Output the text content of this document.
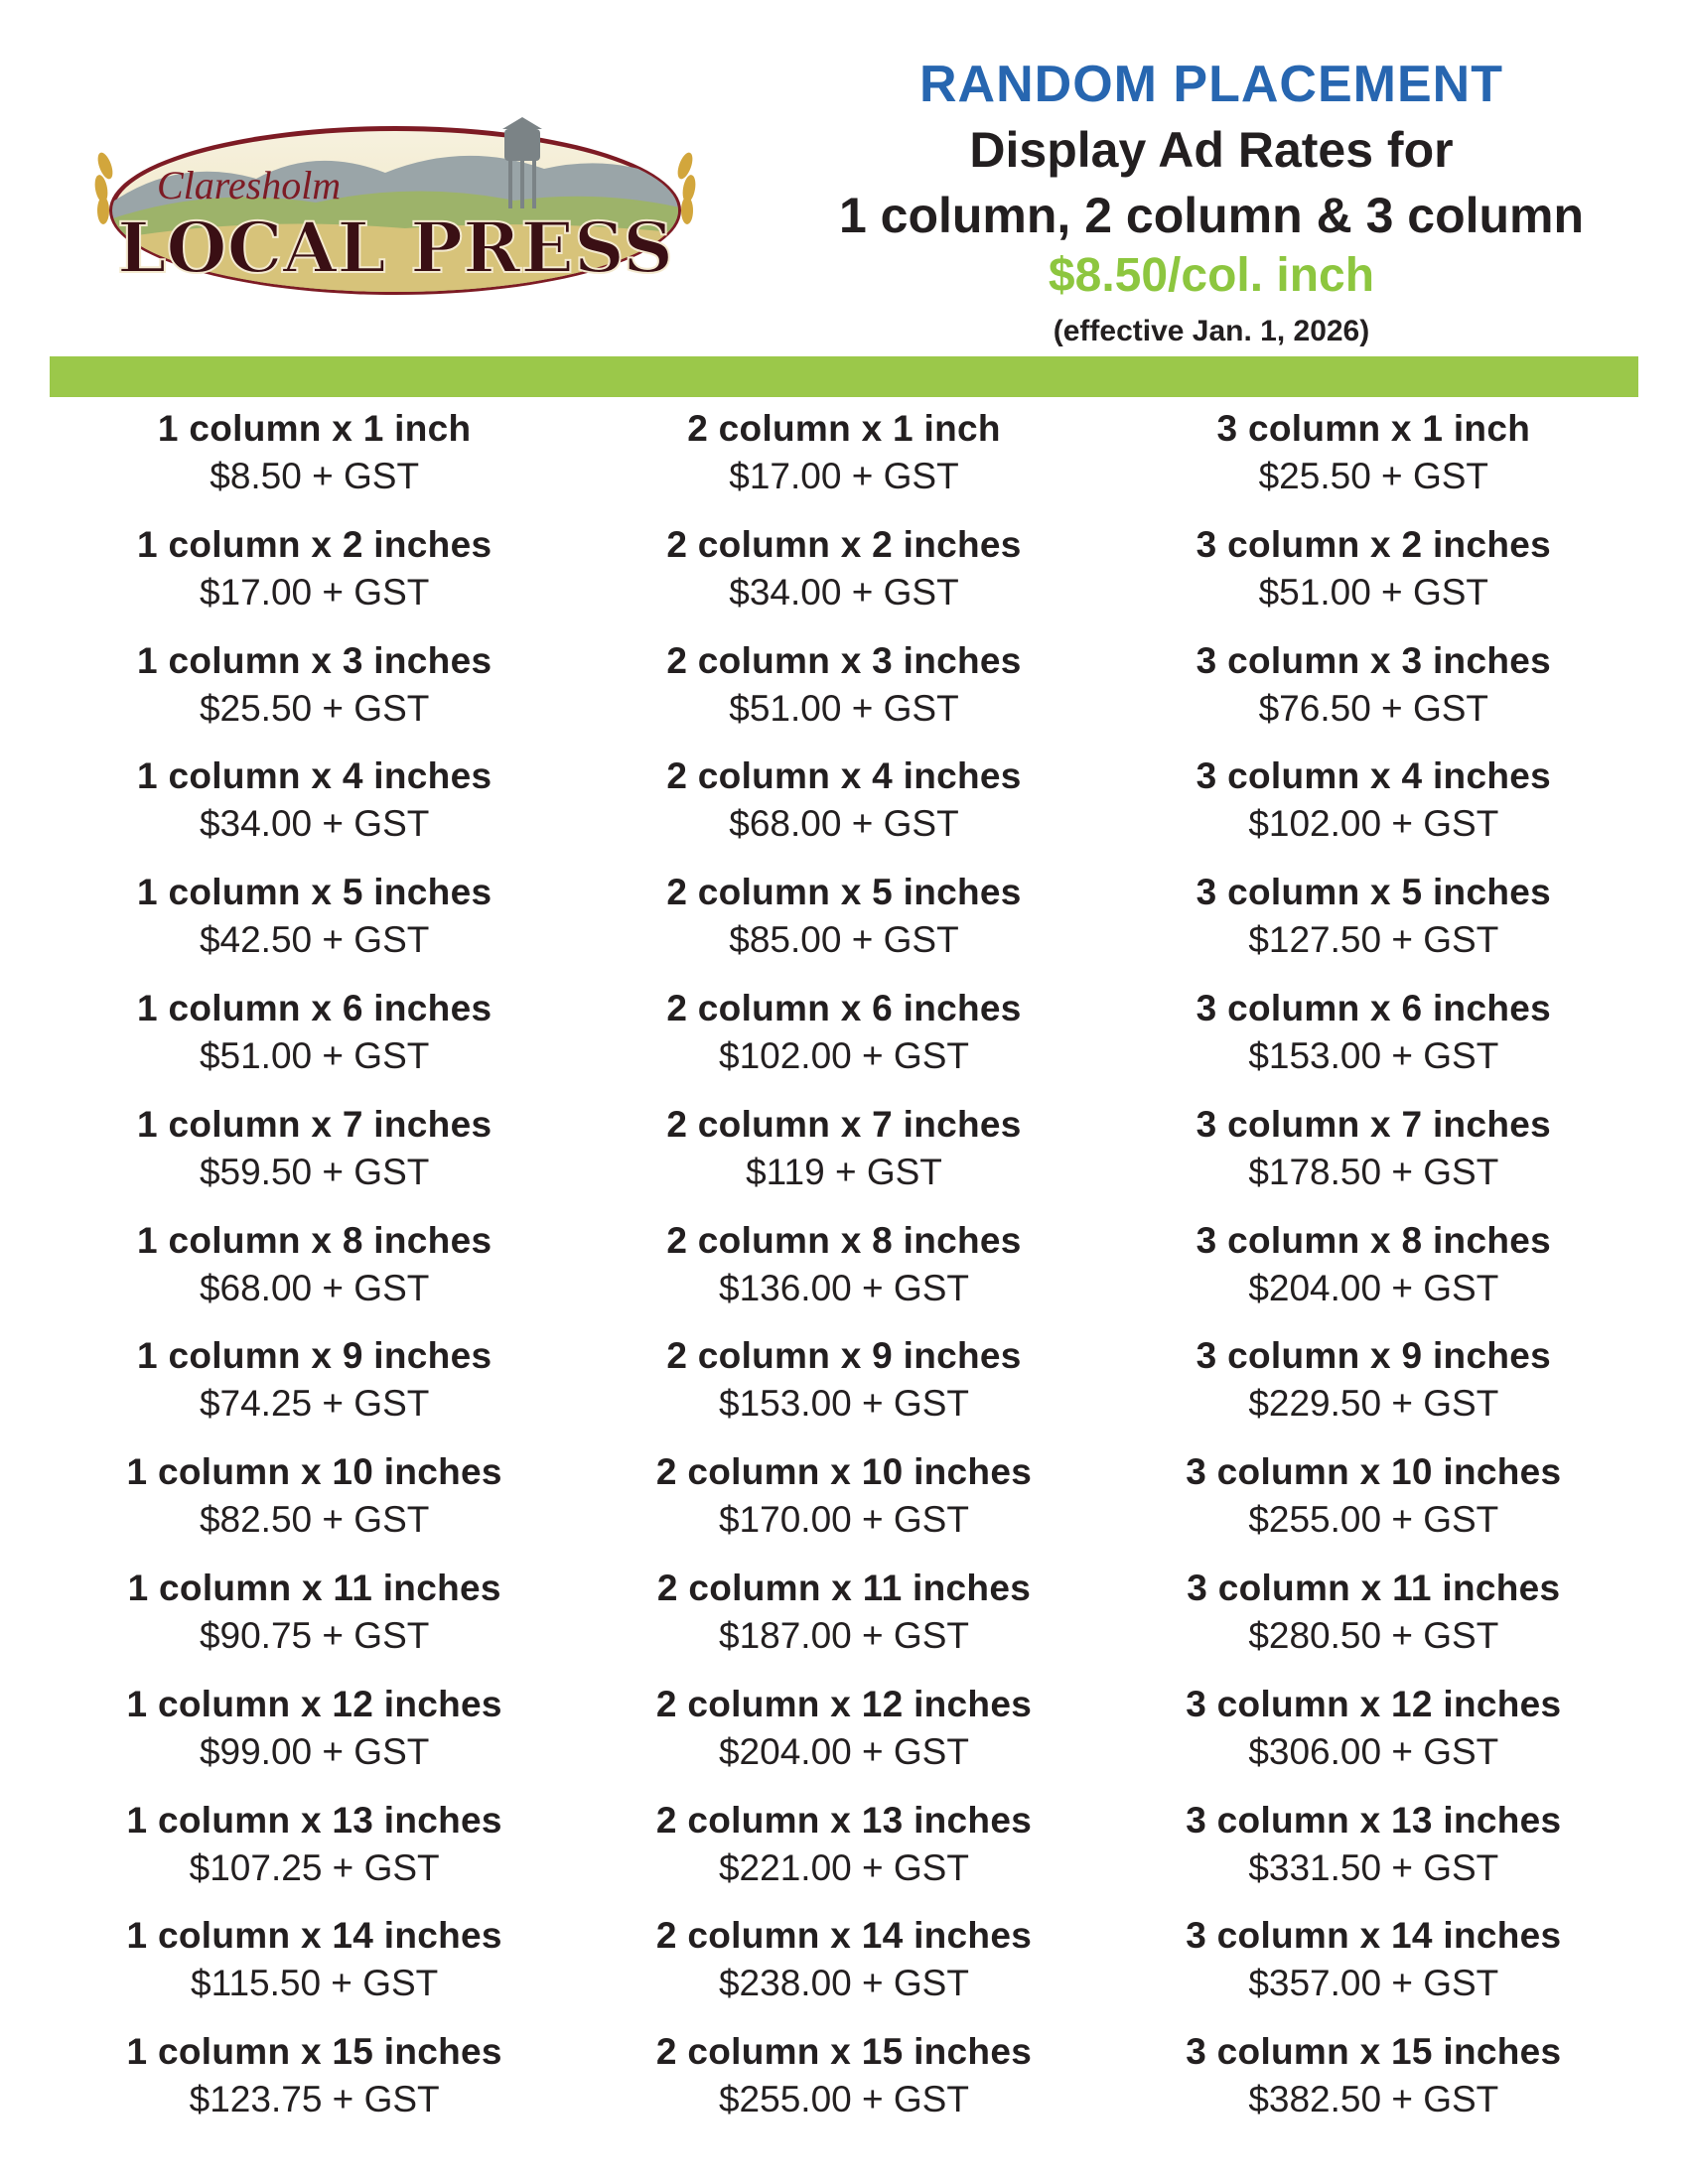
Claresholm
LOCAL PRESS
RANDOM PLACEMENT
Display Ad Rates for
1 column, 2 column & 3 column
$8.50/col. inch
(effective Jan. 1, 2026)
1 column x 1 inch
$8.50 + GST
1 column x 2 inches
$17.00 + GST
1 column x 3 inches
$25.50 + GST
1 column x 4 inches
$34.00 + GST
1 column x 5 inches
$42.50 + GST
1 column x 6 inches
$51.00 + GST
1 column x 7 inches
$59.50 + GST
1 column x 8 inches
$68.00 + GST
1 column x 9 inches
$74.25 + GST
1 column x 10 inches
$82.50 + GST
1 column x 11 inches
$90.75 + GST
1 column x 12 inches
$99.00 + GST
1 column x 13 inches
$107.25 + GST
1 column x 14 inches
$115.50 + GST
1 column x 15 inches
$123.75 + GST
2 column x 1 inch
$17.00 + GST
2 column x 2 inches
$34.00 + GST
2 column x 3 inches
$51.00 + GST
2 column x 4 inches
$68.00 + GST
2 column x 5 inches
$85.00 + GST
2 column x 6 inches
$102.00 + GST
2 column x 7 inches
$119 + GST
2 column x 8 inches
$136.00 + GST
2 column x 9 inches
$153.00 + GST
2 column x 10 inches
$170.00 + GST
2 column x 11 inches
$187.00 + GST
2 column x 12 inches
$204.00 + GST
2 column x 13 inches
$221.00 + GST
2 column x 14 inches
$238.00 + GST
2 column x 15 inches
$255.00 + GST
3 column x 1 inch
$25.50 + GST
3 column x 2 inches
$51.00 + GST
3 column x 3 inches
$76.50 + GST
3 column x 4 inches
$102.00 + GST
3 column x 5 inches
$127.50 + GST
3 column x 6 inches
$153.00 + GST
3 column x 7 inches
$178.50 + GST
3 column x 8 inches
$204.00 + GST
3 column x 9 inches
$229.50 + GST
3 column x 10 inches
$255.00 + GST
3 column x 11 inches
$280.50 + GST
3 column x 12 inches
$306.00 + GST
3 column x 13 inches
$331.50 + GST
3 column x 14 inches
$357.00 + GST
3 column x 15 inches
$382.50 + GST
